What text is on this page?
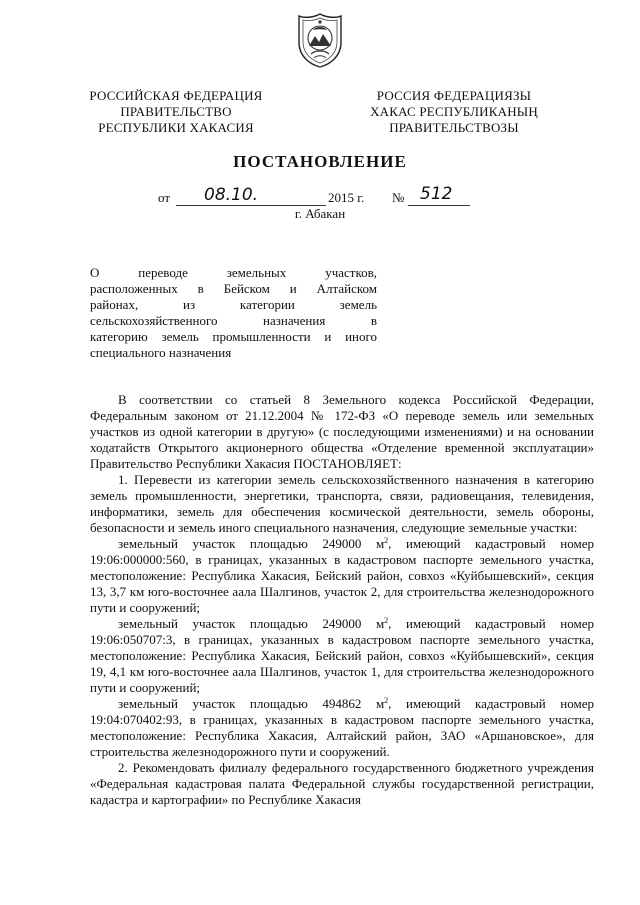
РОССИЙСКАЯ ФЕДЕРАЦИЯ
ПРАВИТЕЛЬСТВО
РЕСПУБЛИКИ ХАКАСИЯ
РОССИЯ ФЕДЕРАЦИЯЗЫ
ХАКАС РЕСПУБЛИКАНЫҢ
ПРАВИТЕЛЬСТВОЗЫ
ПОСТАНОВЛЕНИЕ
от 08.10.	2015 г. № 512
г. Абакан
О переводе земельных участков,
расположенных в Бейском и Алтайском
районах, из категории земель
сельскохозяйственного назначения в
категорию земель промышленности и иного
специального назначения

В соответствии со статьей 8 Земельного кодекса Российской Федерации, Федеральным законом от 21.12.2004 № 172-ФЗ «О переводе земель или земельных участков из одной категории в другую» (с последующими изменениями) и на основании ходатайств Открытого акционерного общества «Отделение временной эксплуатации» Правительство Республики Хакасия ПОСТАНОВЛЯЕТ:

1. Перевести из категории земель сельскохозяйственного назначения в категорию земель промышленности, энергетики, транспорта, связи, радиовещания, телевидения, информатики, земель для обеспечения космической деятельности, земель обороны, безопасности и земель иного специального назначения, следующие земельные участки:

земельный участок площадью 249000 $м^2$, имеющий кадастровый номер 19:06:000000:560, в границах, указанных в кадастровом паспорте земельного участка, местоположение: Республика Хакасия, Бейский район, совхоз «Куйбышевский», секция 13, 3,7 км юго-восточнее аала Шалгинов, участок 2, для строительства железнодорожного пути и сооружений;

земельный участок площадью 249000 $м^2$, имеющий кадастровый номер 19:06:050707:3, в границах, указанных в кадастровом паспорте земельного участка, местоположение: Республика Хакасия, Бейский район, совхоз «Куйбышевский», секция 19, 4,1 км юго-восточнее аала Шалгинов, участок 1, для строительства железнодорожного пути и сооружений;

земельный участок площадью 494862 $м^2$, имеющий кадастровый номер 19:04:070402:93, в границах, указанных в кадастровом паспорте земельного участка, местоположение: Республика Хакасия, Алтайский район, ЗАО «Аршановское», для строительства железнодорожного пути и сооружений.

2. Рекомендовать филиалу федерального государственного бюджетного учреждения «Федеральная кадастровая палата Федеральной службы государственной регистрации, кадастра и картографии» по Республике Хакасия
